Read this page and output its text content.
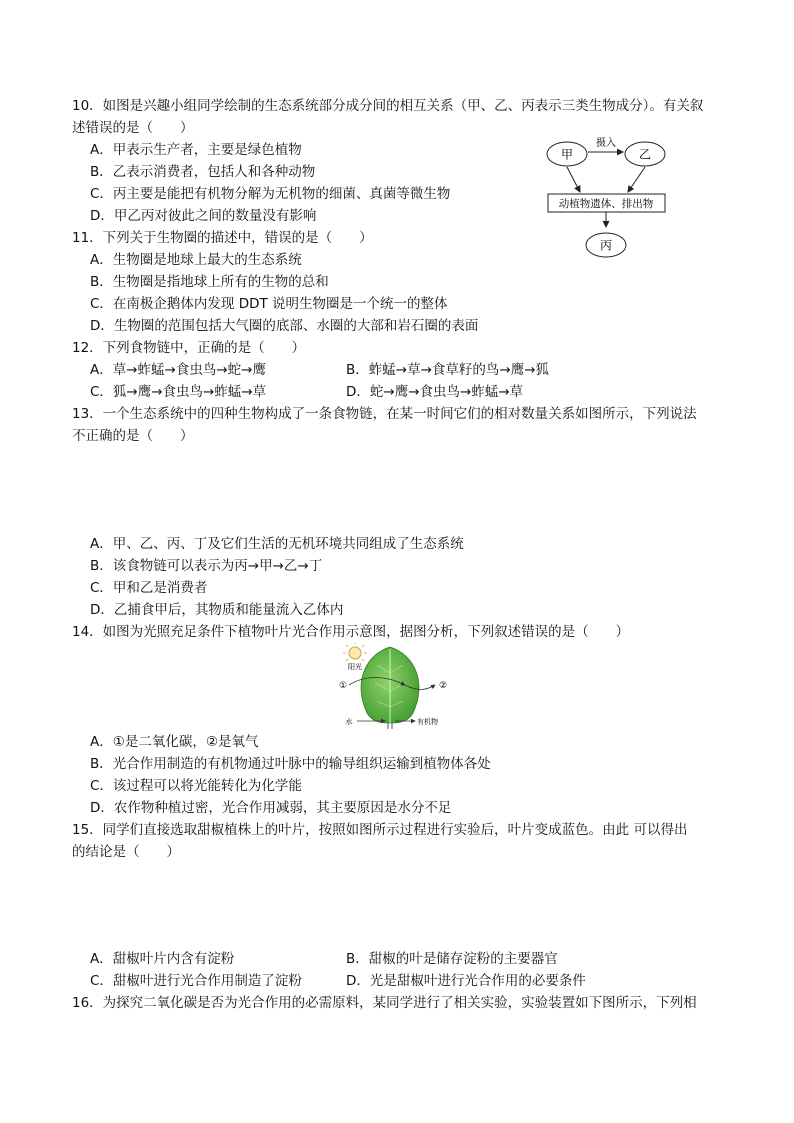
10．如图是兴趣小组同学绘制的生态系统部分成分间的相互关系（甲、乙、丙表示三类生物成分）。有关叙
述错误的是（　　）
A．甲表示生产者，主要是绿色植物
B．乙表示消费者，包括人和各种动物
C．丙主要是能把有机物分解为无机物的细菌、真菌等微生物
D．甲乙丙对彼此之间的数量没有影响
甲	乙
摄入
动植物遗体、排出物
丙
11．下列关于生物圈的描述中，错误的是（　　）
A．生物圈是地球上最大的生态系统
B．生物圈是指地球上所有的生物的总和
C．在南极企鹅体内发现 DDT 说明生物圈是一个统一的整体
D．生物圈的范围包括大气圈的底部、水圈的大部和岩石圈的表面
12．下列食物链中，正确的是（　　）
A．草→蚱蜢→食虫鸟→蛇→鹰	B．蚱蜢→草→食草籽的鸟→鹰→狐
C．狐→鹰→食虫鸟→蚱蜢→草	D．蛇→鹰→食虫鸟→蚱蜢→草
13．一个生态系统中的四种生物构成了一条食物链，在某一时间它们的相对数量关系如图所示，下列说法
不正确的是（　　）
A．甲、乙、丙、丁及它们生活的无机环境共同组成了生态系统
B．该食物链可以表示为丙→甲→乙→丁
C．甲和乙是消费者
D．乙捕食甲后，其物质和能量流入乙体内
14．如图为光照充足条件下植物叶片光合作用示意图，据图分析，下列叙述错误的是（　　）
阳光
①	②
水	有机物
A．①是二氧化碳，②是氧气
B．光合作用制造的有机物通过叶脉中的输导组织运输到植物体各处
C．该过程可以将光能转化为化学能
D．农作物种植过密，光合作用减弱，其主要原因是水分不足
15．同学们直接选取甜椒植株上的叶片，按照如图所示过程进行实验后，叶片变成蓝色。由此 可以得出
的结论是（　　）
A．甜椒叶片内含有淀粉	B．甜椒的叶是储存淀粉的主要器官
C．甜椒叶进行光合作用制造了淀粉	D．光是甜椒叶进行光合作用的必要条件
16．为探究二氧化碳是否为光合作用的必需原料，某同学进行了相关实验，实验装置如下图所示，下列相
